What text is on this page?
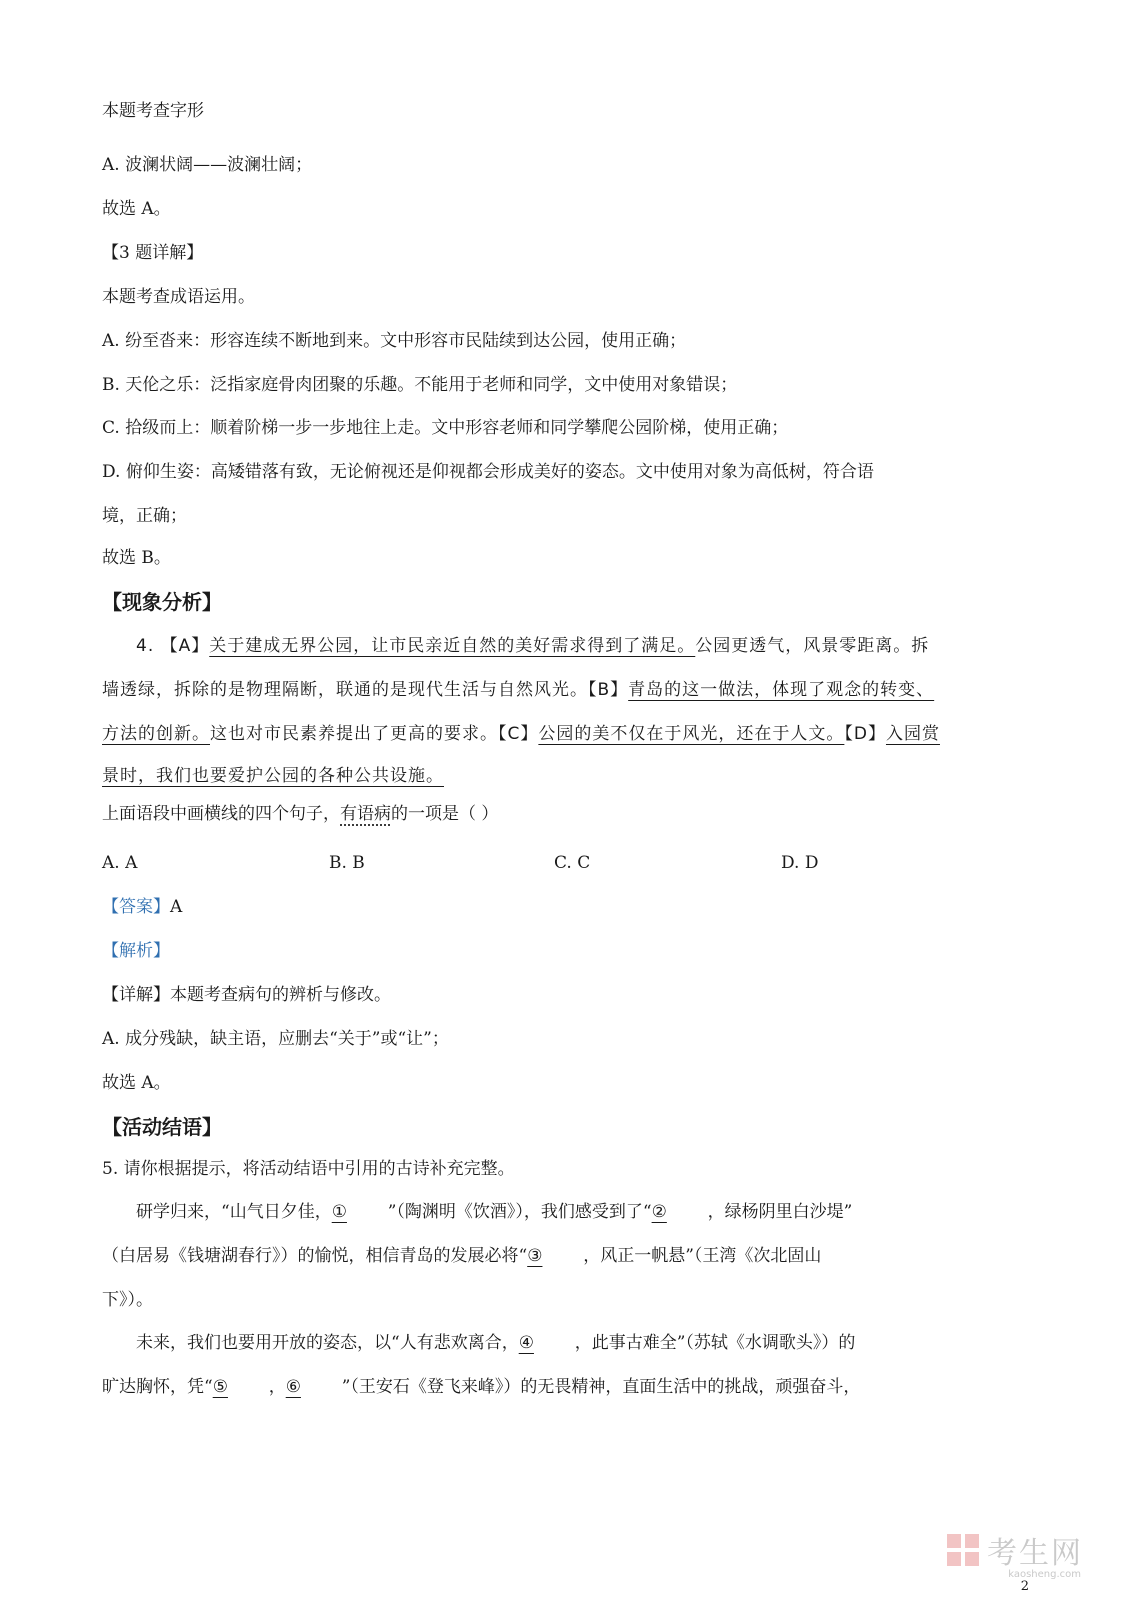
本题考查字形
A. 波澜状阔——波澜壮阔；
故选 A。
【3 题详解】
本题考查成语运用。
A. 纷至沓来：形容连续不断地到来。文中形容市民陆续到达公园，使用正确；
B. 天伦之乐：泛指家庭骨肉团聚的乐趣。不能用于老师和同学，文中使用对象错误；
C. 拾级而上：顺着阶梯一步一步地往上走。文中形容老师和同学攀爬公园阶梯，使用正确；
D. 俯仰生姿：高矮错落有致，无论俯视还是仰视都会形成美好的姿态。文中使用对象为高低树，符合语
境，正确；
故选 B。
【现象分析】
4. 【A】关于建成无界公园，让市民亲近自然的美好需求得到了满足。公园更透气，风景零距离。拆
墙透绿，拆除的是物理隔断，联通的是现代生活与自然风光。【B】青岛的这一做法，体现了观念的转变、
方法的创新。这也对市民素养提出了更高的要求。【C】公园的美不仅在于风光，还在于人文。【D】入园赏
景时，我们也要爱护公园的各种公共设施。
上面语段中画横线的四个句子，有语病的一项是（ ）
A. A	B. B	C. C	D. D
【答案】A
【解析】
【详解】本题考查病句的辨析与修改。
A. 成分残缺，缺主语，应删去“关于”或“让”；
故选 A。
【活动结语】
5. 请你根据提示，将活动结语中引用的古诗补充完整。
研学归来，“山气日夕佳，① ”（陶渊明《饮酒》），我们感受到了“② ，绿杨阴里白沙堤”
（白居易《钱塘湖春行》）的愉悦，相信青岛的发展必将“③ ，风正一帆悬”（王湾《次北固山
下》）。
未来，我们也要用开放的姿态，以“人有悲欢离合，④ ，此事古难全”（苏轼《水调歌头》）的
旷达胸怀，凭“⑤ ，⑥ ”（王安石《登飞来峰》）的无畏精神，直面生活中的挑战，顽强奋斗，
考生网
kaosheng.com
2
